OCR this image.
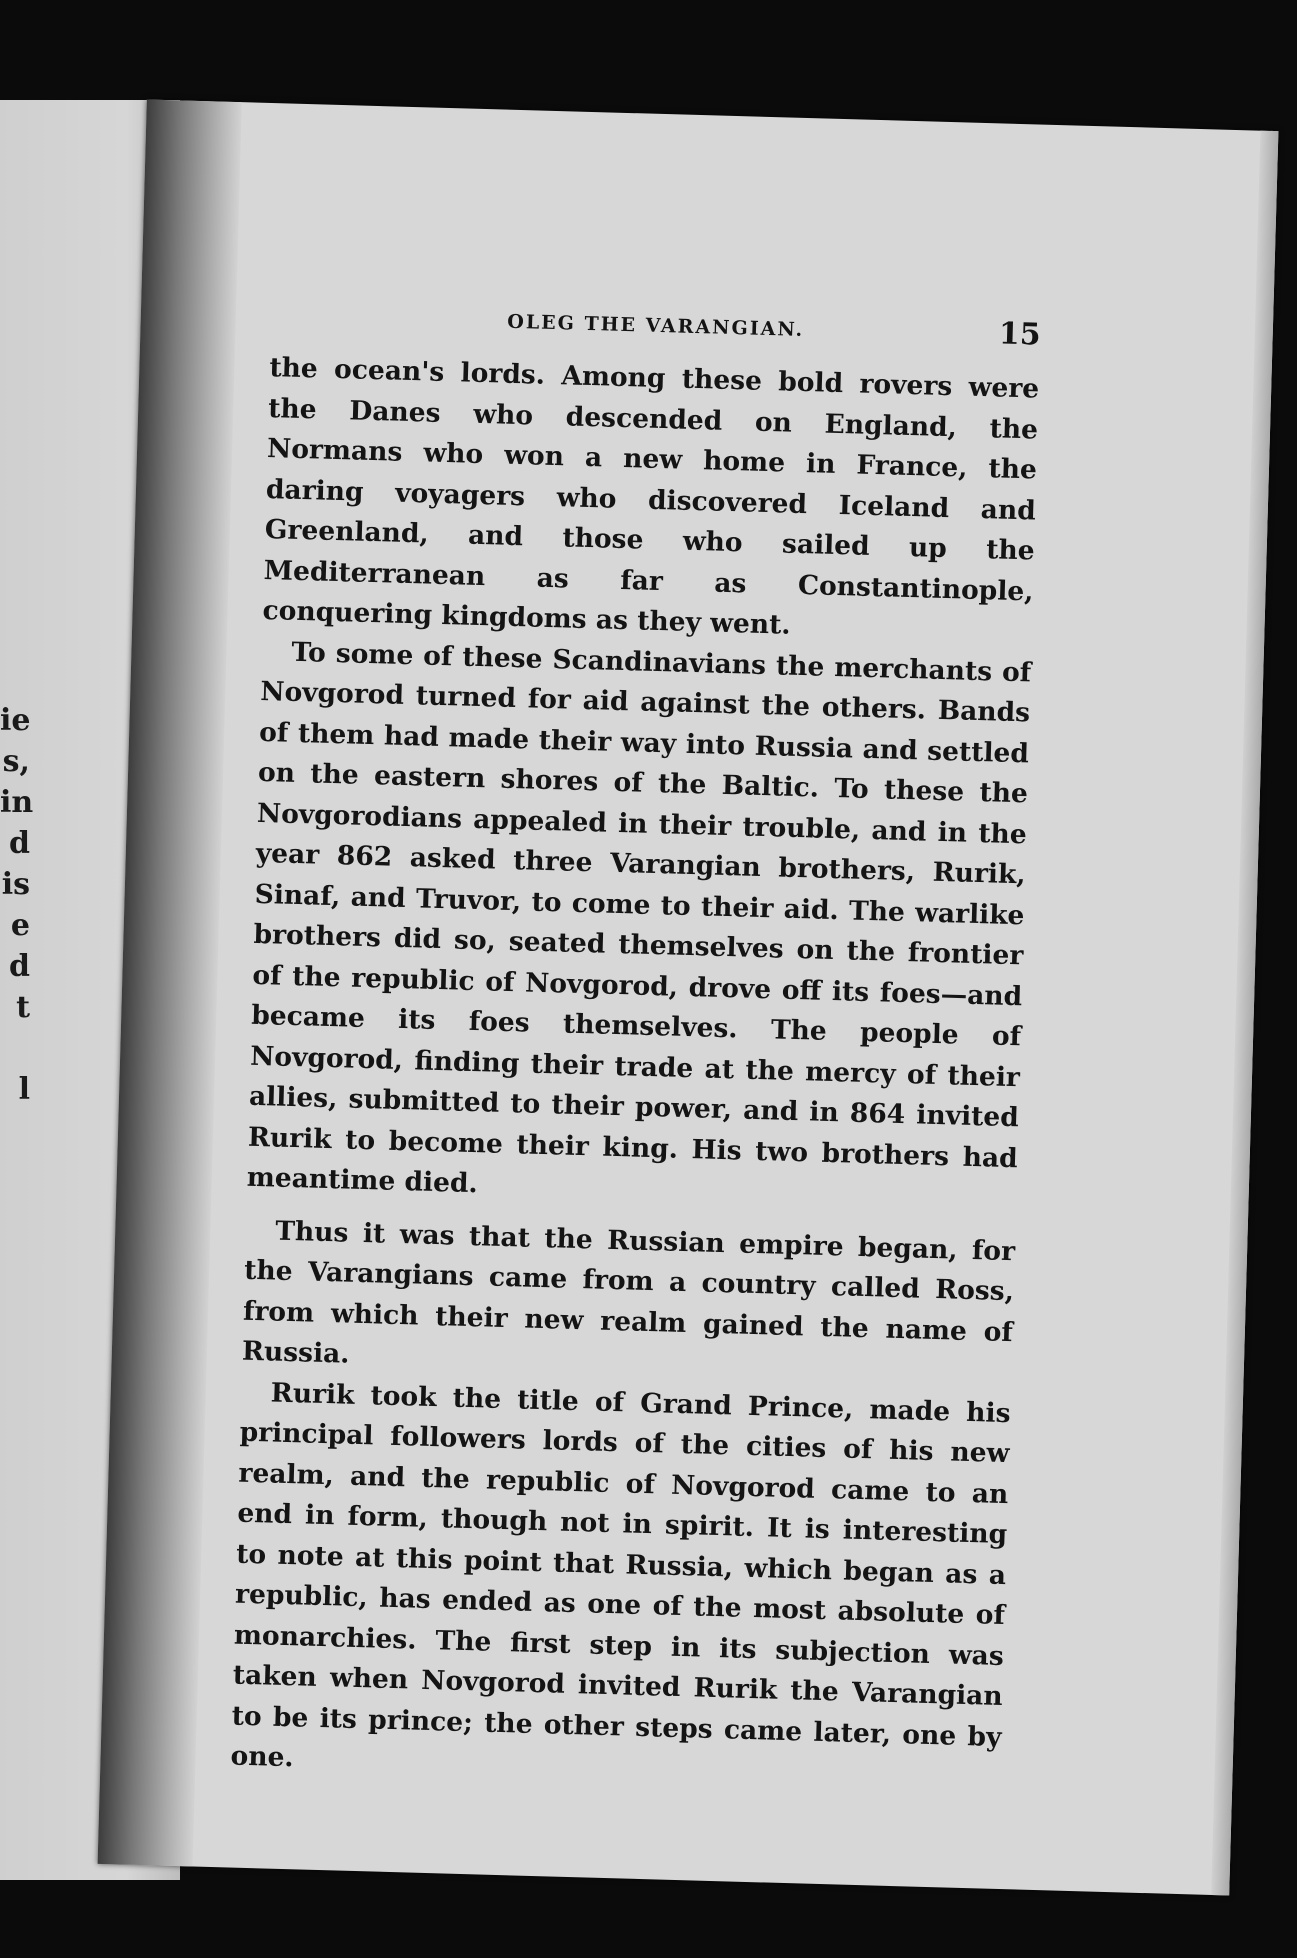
ie
s,
in
d
is
e
d
t
l
OLEG THE VARANGIAN.	15

the ocean's lords. Among these bold rovers were the Danes who descended on England, the Normans who won a new home in France, the daring voyagers who discovered Iceland and Greenland, and those who sailed up the Mediterranean as far as Constantinople, conquering kingdoms as they went.

To some of these Scandinavians the merchants of Novgorod turned for aid against the others. Bands of them had made their way into Russia and settled on the eastern shores of the Baltic. To these the Novgorodians appealed in their trouble, and in the year 862 asked three Varangian brothers, Rurik, Sinaf, and Truvor, to come to their aid. The warlike brothers did so, seated themselves on the frontier of the republic of Novgorod, drove off its foes—and became its foes themselves. The people of Novgorod, finding their trade at the mercy of their allies, submitted to their power, and in 864 invited Rurik to become their king. His two brothers had meantime died.

Thus it was that the Russian empire began, for the Varangians came from a country called Ross, from which their new realm gained the name of Russia.

Rurik took the title of Grand Prince, made his principal followers lords of the cities of his new realm, and the republic of Novgorod came to an end in form, though not in spirit. It is interesting to note at this point that Russia, which began as a republic, has ended as one of the most absolute of monarchies. The first step in its subjection was taken when Novgorod invited Rurik the Varangian to be its prince; the other steps came later, one by one.
